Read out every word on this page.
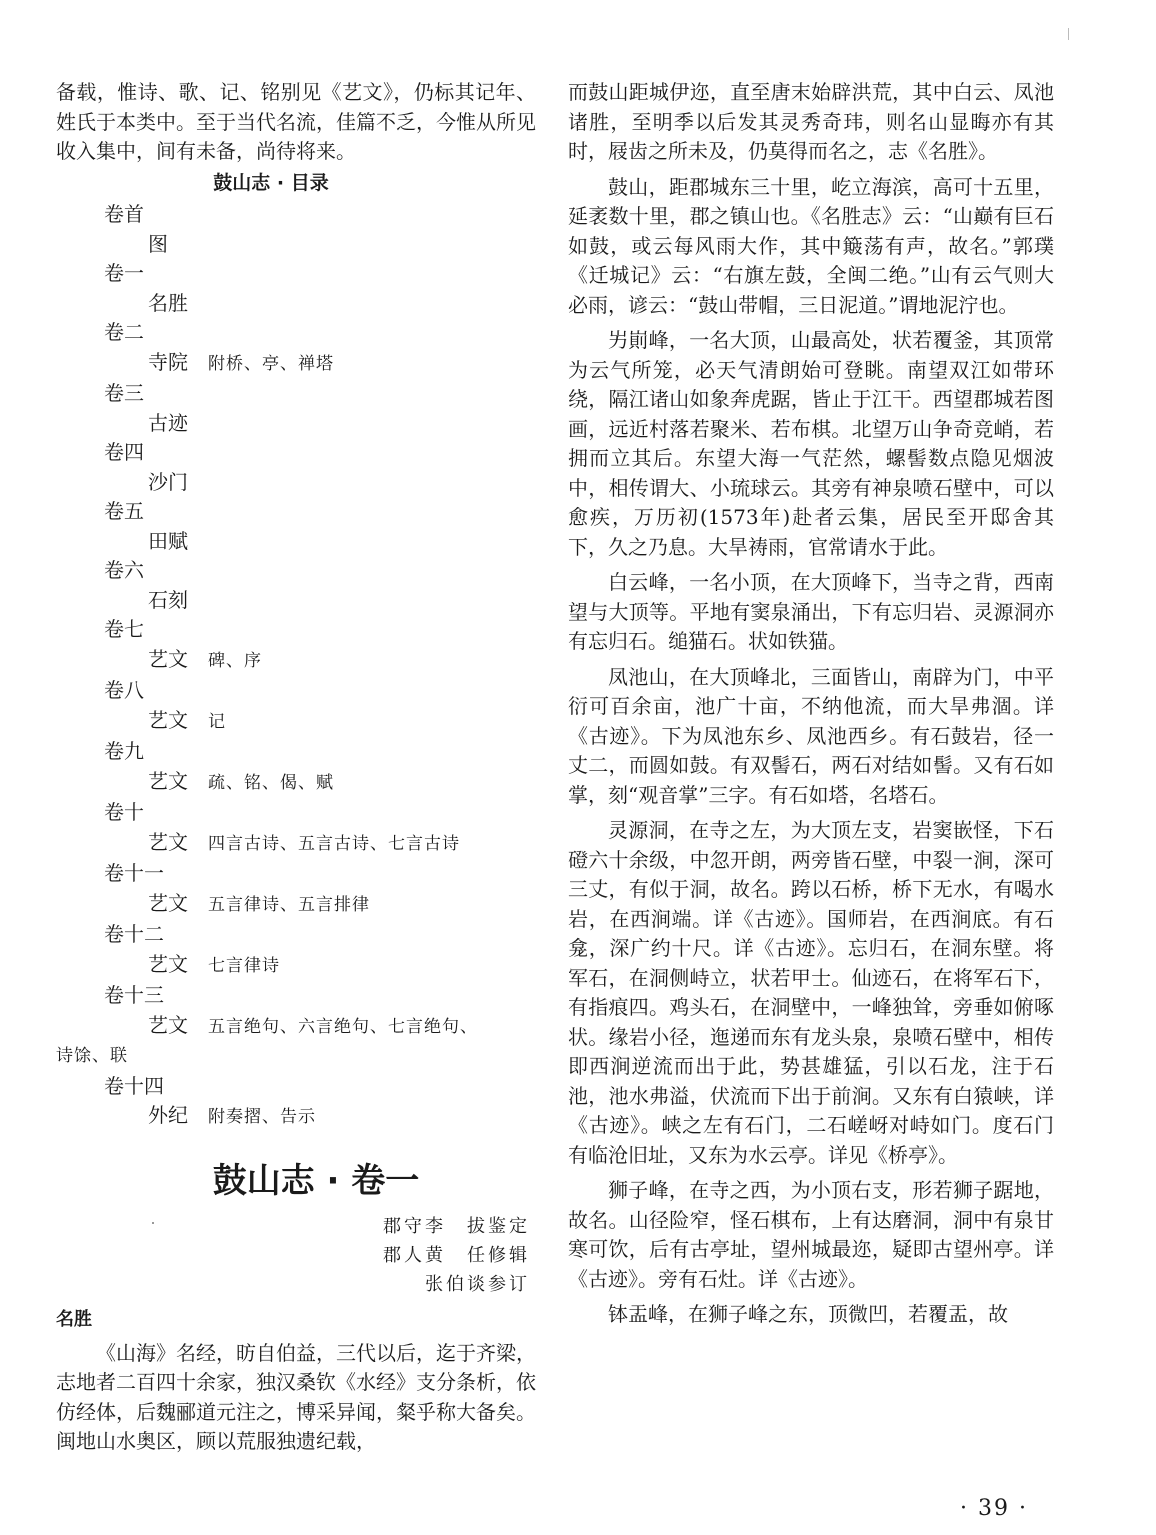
备载，惟诗、歌、记、铭别见《艺文》，仍标其记年、姓氏于本类中。至于当代名流，佳篇不乏，今惟从所见收入集中，间有未备，尚待将来。

鼓山志 · 目录
卷首
图
卷一
名胜
卷二
寺院 附桥、亭、禅塔
卷三
古迹
卷四
沙门
卷五
田赋
卷六
石刻
卷七
艺文 碑、序
卷八
艺文 记
卷九
艺文 疏、铭、偈、赋
卷十
艺文 四言古诗、五言古诗、七言古诗
卷十一
艺文 五言律诗、五言排律
卷十二
艺文 七言律诗
卷十三
艺文 五言绝句、六言绝句、七言绝句、
诗馀、联
卷十四
外纪 附奏摺、告示
鼓山志 · 卷一
郡守李　拔鉴定
郡人黄　任修辑
张伯谈参订
名胜

《山海》名经，昉自伯益，三代以后，迄于齐梁，志地者二百四十余家，独汉桑钦《水经》支分条析，依仿经体，后魏郦道元注之，博采异闻，粲乎称大备矣。闽地山水奥区，顾以荒服独遗纪载，

而鼓山距城伊迩，直至唐末始辟洪荒，其中白云、凤池诸胜，至明季以后发其灵秀奇玮，则名山显晦亦有其时，屐齿之所未及，仍莫得而名之，志《名胜》。

鼓山，距郡城东三十里，屹立海滨，高可十五里，延袤数十里，郡之镇山也。《名胜志》云：“山巅有巨石如鼓，或云每风雨大作，其中簸荡有声，故名。”郭璞《迁城记》云：“右旗左鼓，全闽二绝。”山有云气则大必雨，谚云：“鼓山带帽，三日泥道。”谓地泥泞也。

屴崱峰，一名大顶，山最高处，状若覆釜，其顶常为云气所笼，必天气清朗始可登眺。南望双江如带环绕，隔江诸山如象奔虎踞，皆止于江干。西望郡城若图画，远近村落若聚米、若布棋。北望万山争奇竞峭，若拥而立其后。东望大海一气茫然，螺髻数点隐见烟波中，相传谓大、小琉球云。其旁有神泉喷石壁中，可以愈疾，万历初(1573年)赴者云集，居民至开邸舍其下，久之乃息。大旱祷雨，官常请水于此。

白云峰，一名小顶，在大顶峰下，当寺之背，西南望与大顶等。平地有窦泉涌出，下有忘归岩、灵源洞亦有忘归石。缒猫石。状如铁猫。

凤池山，在大顶峰北，三面皆山，南辟为门，中平衍可百余亩，池广十亩，不纳他流，而大旱弗涸。详《古迹》。下为凤池东乡、凤池西乡。有石鼓岩，径一丈二，而圆如鼓。有双髻石，两石对结如髻。又有石如掌，刻“观音掌”三字。有石如塔，名塔石。

灵源洞，在寺之左，为大顶左支，岩窦嵌怪，下石磴六十余级，中忽开朗，两旁皆石壁，中裂一涧，深可三丈，有似于洞，故名。跨以石桥，桥下无水，有喝水岩，在西涧端。详《古迹》。国师岩，在西涧底。有石龛，深广约十尺。详《古迹》。忘归石，在洞东壁。将军石，在洞侧峙立，状若甲士。仙迹石，在将军石下，有指痕四。鸡头石，在洞壁中，一峰独耸，旁垂如俯啄状。缘岩小径，迤递而东有龙头泉，泉喷石壁中，相传即西涧逆流而出于此，势甚雄猛，引以石龙，注于石池，池水弗溢，伏流而下出于前涧。又东有白猿峡，详《古迹》。峡之左有石门，二石嵯岈对峙如门。度石门有临沧旧址，又东为水云亭。详见《桥亭》。

狮子峰，在寺之西，为小顶右支，形若狮子踞地，故名。山径险窄，怪石棋布，上有达磨洞，洞中有泉甘寒可饮，后有古亭址，望州城最迩，疑即古望州亭。详《古迹》。旁有石灶。详《古迹》。

钵盂峰，在狮子峰之东，顶微凹，若覆盂，故

· 39 ·
